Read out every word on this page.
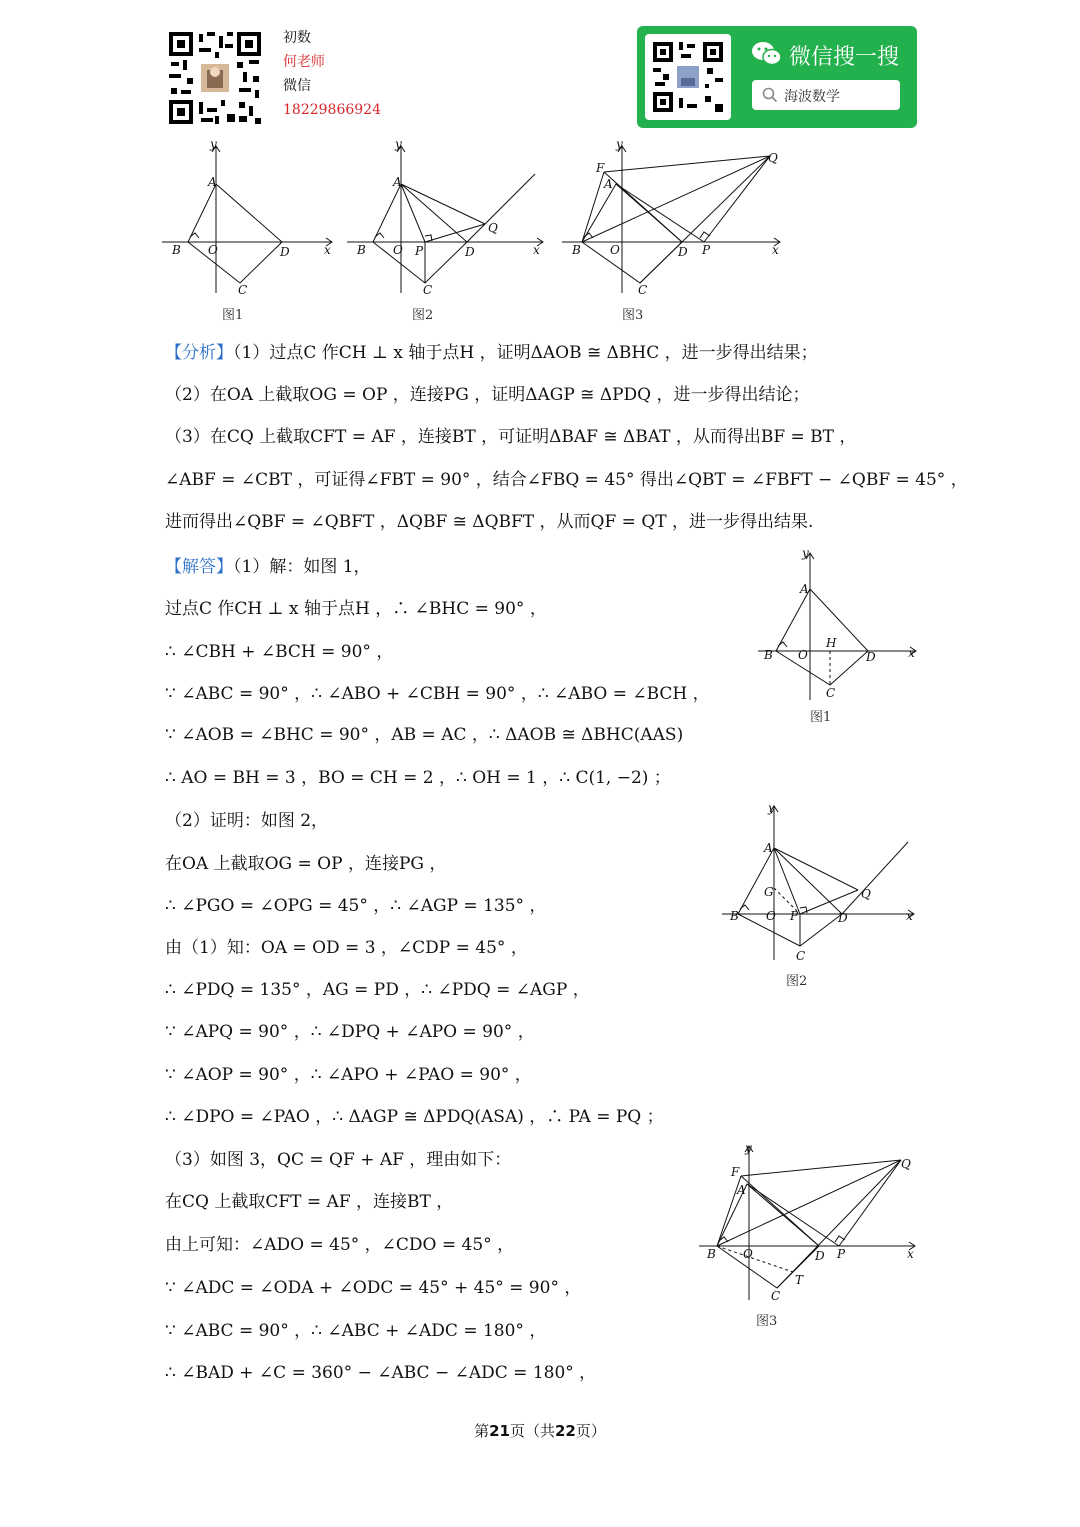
初数
何老师
微信
18229866924
微信搜一搜
海波数学
y
A
B O	D	x
C
图1
y
A
B O P	D
Q
x
C
图2
y
F
A
B O	D P
Q
x
C
图3
【分析】（1）过点C 作CH ⊥ x 轴于点H ，证明ΔAOB ≅ ΔBHC ，进一步得出结果；
（2）在OA 上截取OG = OP ，连接PG ，证明ΔAGP ≅ ΔPDQ ，进一步得出结论；
（3）在CQ 上截取CFT = AF ，连接BT ，可证明ΔBAF ≅ ΔBAT ，从而得出BF = BT ，
∠ABF = ∠CBT ，可证得∠FBT = 90° ，结合∠FBQ = 45° 得出∠QBT = ∠FBFT − ∠QBF = 45° ，
进而得出∠QBF = ∠QBFT ，ΔQBF ≅ ΔQBFT ，从而QF = QT ，进一步得出结果.
【解答】（1）解：如图 1，
过点C 作CH ⊥ x 轴于点H ，∴ ∠BHC = 90° ，
∴ ∠CBH + ∠BCH = 90° ，
∵ ∠ABC = 90° ，∴ ∠ABO + ∠CBH = 90° ，∴ ∠ABO = ∠BCH ，
∵ ∠AOB = ∠BHC = 90° ，AB = AC ，∴ ΔAOB ≅ ΔBHC(AAS)
∴ AO = BH = 3 ，BO = CH = 2 ，∴ OH = 1 ，∴ C(1, −2) ；
y
A
B O
H
D	x
C
图1
（2）证明：如图 2，
在OA 上截取OG = OP ，连接PG ，
∴ ∠PGO = ∠OPG = 45° ，∴ ∠AGP = 135° ，
由（1）知：OA = OD = 3 ，∠CDP = 45° ，
∴ ∠PDQ = 135° ，AG = PD ，∴ ∠PDQ = ∠AGP ，
∵ ∠APQ = 90° ，∴ ∠DPQ + ∠APO = 90° ，
∵ ∠AOP = 90° ，∴ ∠APO + ∠PAO = 90° ，
∴ ∠DPO = ∠PAO ，∴ ΔAGP ≅ ΔPDQ(ASA) ，∴ PA = PQ ；
y
A
G
B O P	D
Q
x
C
图2
（3）如图 3，QC = QF + AF ，理由如下：
在CQ 上截取CFT = AF ，连接BT ，
由上可知：∠ADO = 45° ，∠CDO = 45° ，
∵ ∠ADC = ∠ODA + ∠ODC = 45° + 45° = 90° ，
∵ ∠ABC = 90° ，∴ ∠ABC + ∠ADC = 180° ，
∴ ∠BAD + ∠C = 360° − ∠ABC − ∠ADC = 180° ，
y
F
A
B O	D P
Q
x
T
C
图3
第21页（共22页）
